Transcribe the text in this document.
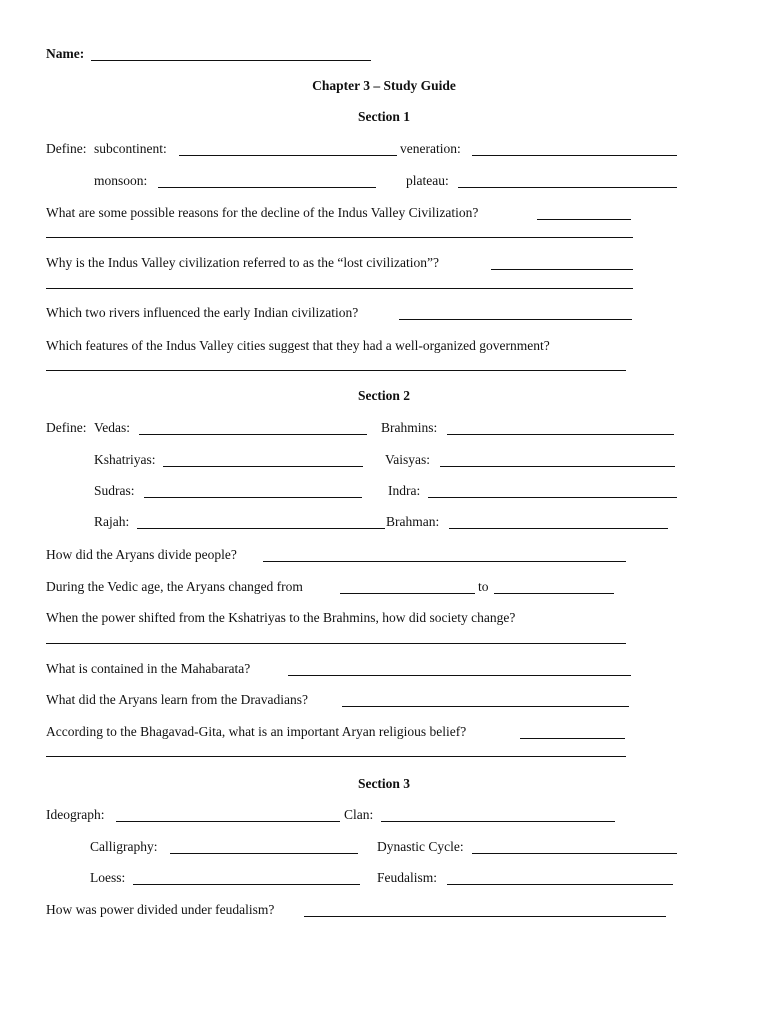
Name:
Chapter 3 – Study Guide
Section 1
Define: subcontinent:	veneration:
monsoon:	plateau:
What are some possible reasons for the decline of the Indus Valley Civilization?
Why is the Indus Valley civilization referred to as the “lost civilization”?
Which two rivers influenced the early Indian civilization?
Which features of the Indus Valley cities suggest that they had a well-organized government?
Section 2
Define: Vedas:	Brahmins:
Kshatriyas:	Vaisyas:
Sudras:	Indra:
Rajah:	Brahman:
How did the Aryans divide people?
During the Vedic age, the Aryans changed from	to
When the power shifted from the Kshatriyas to the Brahmins, how did society change?
What is contained in the Mahabarata?
What did the Aryans learn from the Dravadians?
According to the Bhagavad-Gita, what is an important Aryan religious belief?
Section 3
Ideograph:	Clan:
Calligraphy:	Dynastic Cycle:
Loess:	Feudalism:
How was power divided under feudalism?
